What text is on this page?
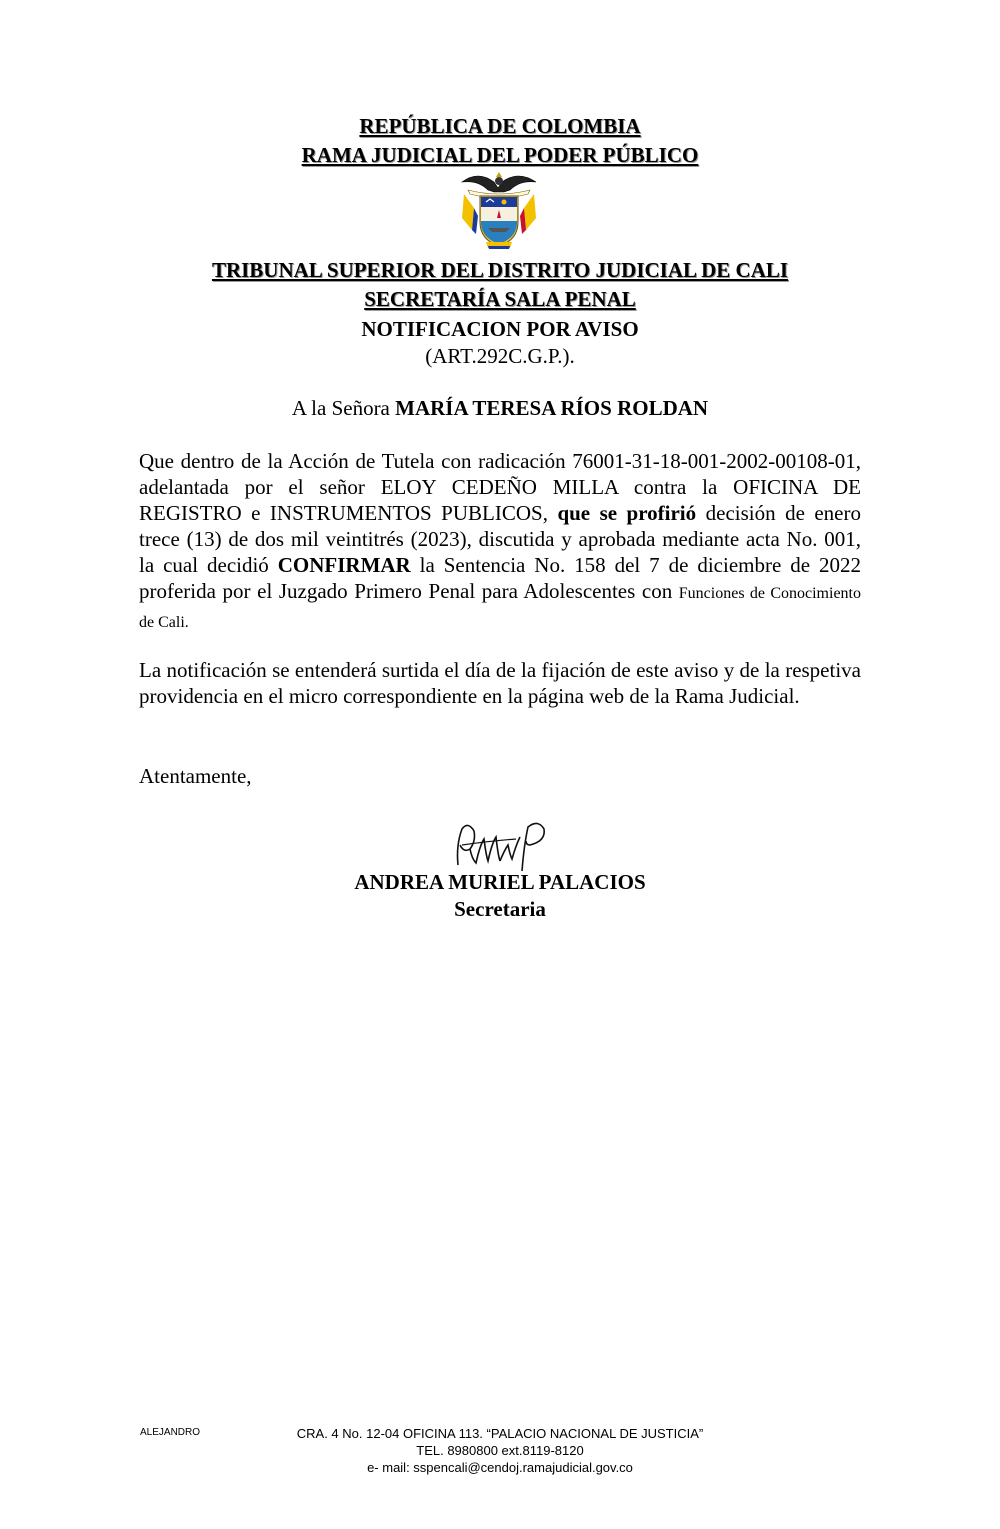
REPÚBLICA DE COLOMBIA
RAMA JUDICIAL DEL PODER PÚBLICO
TRIBUNAL SUPERIOR DEL DISTRITO JUDICIAL DE CALI
SECRETARÍA SALA PENAL
NOTIFICACION POR AVISO
(ART.292C.G.P.).
A la Señora MARÍA TERESA RÍOS ROLDAN

Que dentro de la Acción de Tutela con radicación 76001-31-18-001-2002-00108-01, adelantada por el señor ELOY CEDEÑO MILLA contra la OFICINA DE REGISTRO e INSTRUMENTOS PUBLICOS, que se profirió decisión de enero trece (13) de dos mil veintitrés (2023), discutida y aprobada mediante acta No. 001, la cual decidió CONFIRMAR la Sentencia No. 158 del 7 de diciembre de 2022 proferida por el Juzgado Primero Penal para Adolescentes con Funciones de Conocimiento de Cali.

La notificación se entenderá surtida el día de la fijación de este aviso y de la respetiva providencia en el micro correspondiente en la página web de la Rama Judicial.

Atentamente,

ANDREA MURIEL PALACIOS
Secretaria
ALEJANDRO	CRA. 4 No. 12-04 OFICINA 113. “PALACIO NACIONAL DE JUSTICIA”
TEL. 8980800 ext.8119-8120
e- mail: sspencali@cendoj.ramajudicial.gov.co
